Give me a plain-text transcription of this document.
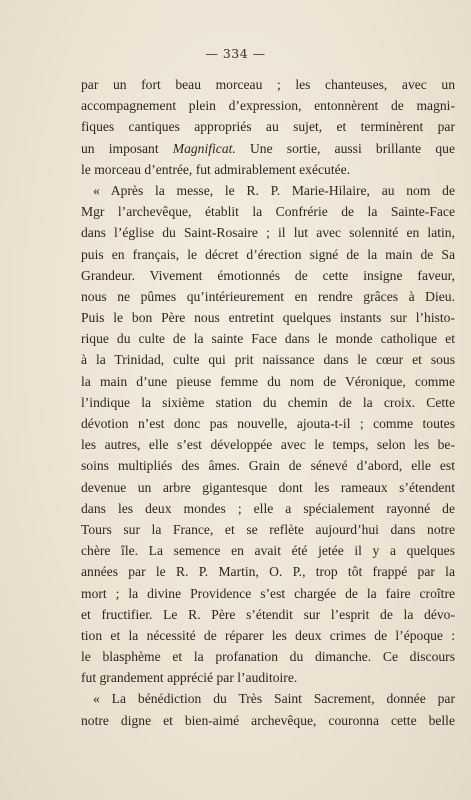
— 334 —
par un fort beau morceau ; les chanteuses, avec un
accompagnement plein d’expression, entonnèrent de magni-
fiques cantiques appropriés au sujet, et terminèrent par
un imposant Magnificat. Une sortie, aussi brillante que
le morceau d’entrée, fut admirablement exécutée.
« Après la messe, le R. P. Marie-Hilaire, au nom de
Mgr l’archevêque, établit la Confrérie de la Sainte-Face
dans l’église du Saint-Rosaire ; il lut avec solennité en latin,
puis en français, le décret d’érection signé de la main de Sa
Grandeur. Vivement émotionnés de cette insigne faveur,
nous ne pûmes qu’intérieurement en rendre grâces à Dieu.
Puis le bon Père nous entretint quelques instants sur l’histo-
rique du culte de la sainte Face dans le monde catholique et
à la Trinidad, culte qui prit naissance dans le cœur et sous
la main d’une pieuse femme du nom de Véronique, comme
l’indique la sixième station du chemin de la croix. Cette
dévotion n’est donc pas nouvelle, ajouta-t-il ; comme toutes
les autres, elle s’est développée avec le temps, selon les be-
soins multipliés des âmes. Grain de sénevé d’abord, elle est
devenue un arbre gigantesque dont les rameaux s’étendent
dans les deux mondes ; elle a spécialement rayonné de
Tours sur la France, et se reflète aujourd’hui dans notre
chère île. La semence en avait été jetée il y a quelques
années par le R. P. Martin, O. P., trop tôt frappé par la
mort ; la divine Providence s’est chargée de la faire croître
et fructifier. Le R. Père s’étendit sur l’esprit de la dévo-
tion et la nécessité de réparer les deux crimes de l’époque :
le blasphème et la profanation du dimanche. Ce discours
fut grandement apprécié par l’auditoire.
« La bénédiction du Très Saint Sacrement, donnée par
notre digne et bien-aimé archevêque, couronna cette belle
